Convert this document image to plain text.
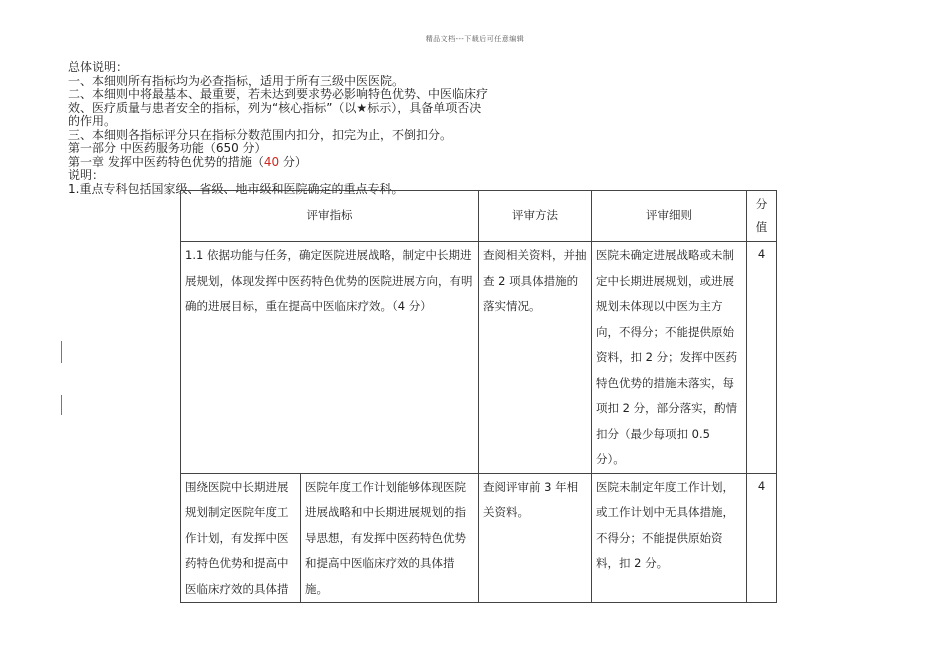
精品文档---下载后可任意编辑
总体说明：
一、本细则所有指标均为必查指标，适用于所有三级中医医院。
二、本细则中将最基本、最重要，若未达到要求势必影响特色优势、中医临床疗效、医疗质量与患者安全的指标，列为“核心指标”（以★标示），具备单项否决的作用。
三、本细则各指标评分只在指标分数范围内扣分，扣完为止，不倒扣分。
第一部分 中医药服务功能（650 分）
第一章 发挥中医药特色优势的措施（40 分）
说明：
1.重点专科包括国家级、省级、地市级和医院确定的重点专科。
评审指标		评审方法	评审细则	分值

1.1 依据功能与任务，确定医院进展战略，制定中长期进展规划，体现发挥中医药特色优势的医院进展方向，有明确的进展目标，重在提高中医临床疗效。（4 分）		查阅相关资料，并抽查 2 项具体措施的落实情况。	医院未确定进展战略或未制定中长期进展规划，或进展规划未体现以中医为主方向，不得分；不能提供原始资料，扣 2 分；发挥中医药特色优势的措施未落实，每项扣 2 分，部分落实，酌情扣分（最少每项扣 0.5 分）。	4

围绕医院中长期进展规划制定医院年度工作计划，有发挥中医药特色优势和提高中医临床疗效的具体措	医院年度工作计划能够体现医院进展战略和中长期进展规划的指导思想，有发挥中医药特色优势和提高中医临床疗效的具体措施。	查阅评审前 3 年相关资料。	医院未制定年度工作计划，或工作计划中无具体措施，不得分；不能提供原始资料，扣 2 分。	4
